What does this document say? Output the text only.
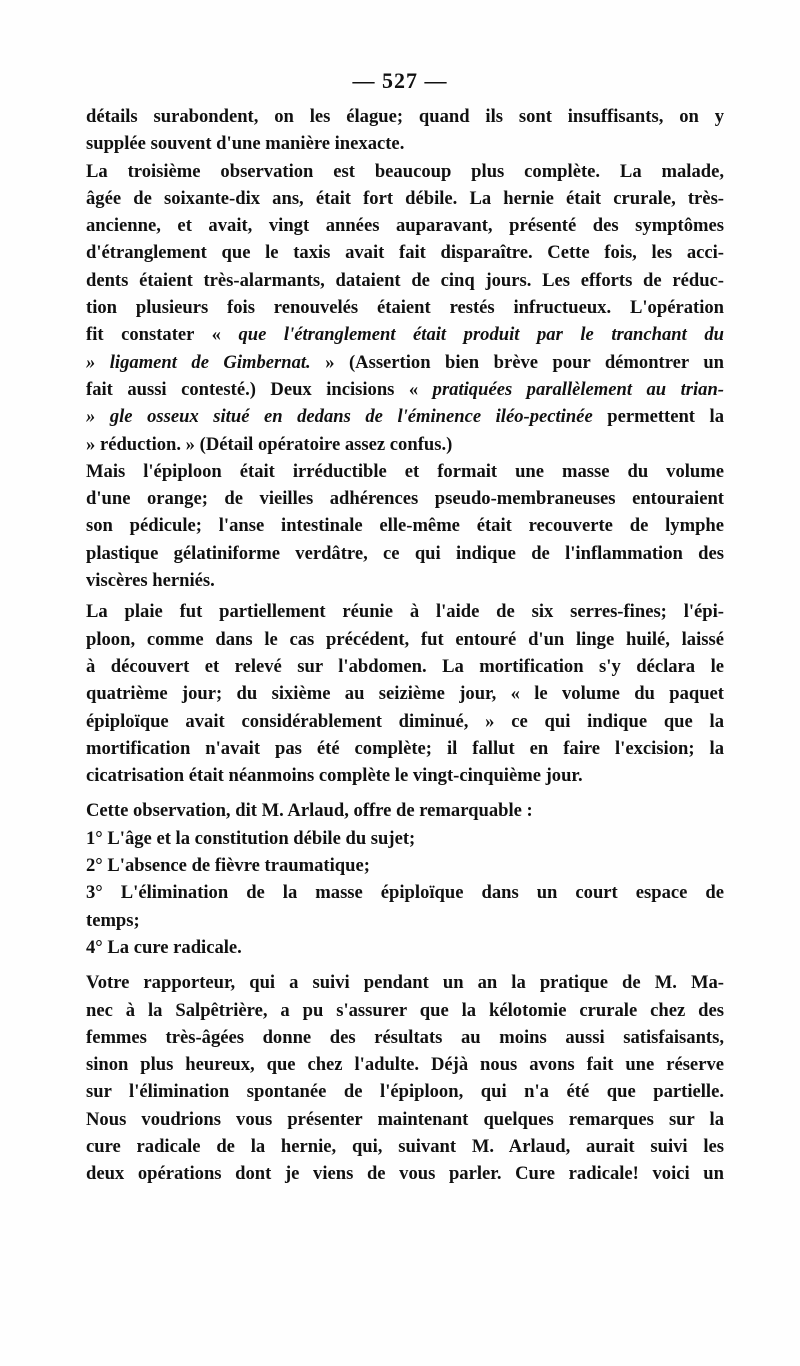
— 527 —
détails surabondent, on les élague; quand ils sont insuffisants, on y
supplée souvent d'une manière inexacte.
La troisième observation est beaucoup plus complète. La malade,
âgée de soixante-dix ans, était fort débile. La hernie était crurale, très-
ancienne, et avait, vingt années auparavant, présenté des symptômes
d'étranglement que le taxis avait fait disparaître. Cette fois, les acci-
dents étaient très-alarmants, dataient de cinq jours. Les efforts de réduc-
tion plusieurs fois renouvelés étaient restés infructueux. L'opération
fit constater « que l'étranglement était produit par le tranchant du
» ligament de Gimbernat. » (Assertion bien brève pour démontrer un
fait aussi contesté.) Deux incisions « pratiquées parallèlement au trian-
» gle osseux situé en dedans de l'éminence iléo-pectinée permettent la
» réduction. » (Détail opératoire assez confus.)
Mais l'épiploon était irréductible et formait une masse du volume
d'une orange; de vieilles adhérences pseudo-membraneuses entouraient
son pédicule; l'anse intestinale elle-même était recouverte de lymphe
plastique gélatiniforme verdâtre, ce qui indique de l'inflammation des
viscères herniés.
La plaie fut partiellement réunie à l'aide de six serres-fines; l'épi-
ploon, comme dans le cas précédent, fut entouré d'un linge huilé, laissé
à découvert et relevé sur l'abdomen. La mortification s'y déclara le
quatrième jour; du sixième au seizième jour, « le volume du paquet
épiploïque avait considérablement diminué, » ce qui indique que la
mortification n'avait pas été complète; il fallut en faire l'excision; la
cicatrisation était néanmoins complète le vingt-cinquième jour.
Cette observation, dit M. Arlaud, offre de remarquable :
1° L'âge et la constitution débile du sujet;
2° L'absence de fièvre traumatique;
3° L'élimination de la masse épiploïque dans un court espace de
temps;
4° La cure radicale.
Votre rapporteur, qui a suivi pendant un an la pratique de M. Ma-
nec à la Salpêtrière, a pu s'assurer que la kélotomie crurale chez des
femmes très-âgées donne des résultats au moins aussi satisfaisants,
sinon plus heureux, que chez l'adulte. Déjà nous avons fait une réserve
sur l'élimination spontanée de l'épiploon, qui n'a été que partielle.
Nous voudrions vous présenter maintenant quelques remarques sur la
cure radicale de la hernie, qui, suivant M. Arlaud, aurait suivi les
deux opérations dont je viens de vous parler. Cure radicale! voici un
